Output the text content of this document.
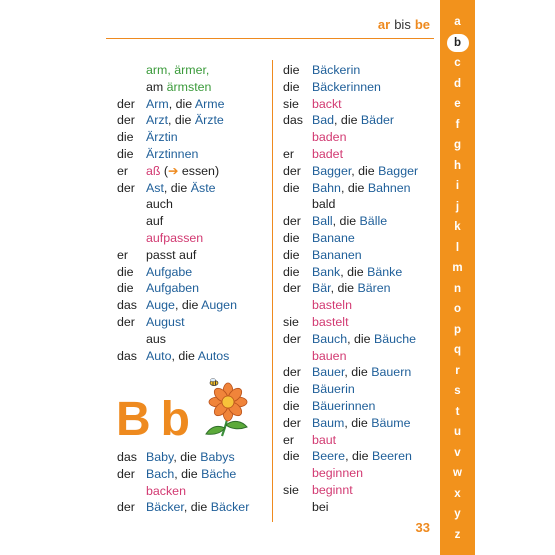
ar bis be
arm, ärmer,
am ärmsten
der Arm, die Arme
der Arzt, die Ärzte
die	Ärztin
die	Ärztinnen
er	aß (➔ essen)
der Ast, die Äste
auch
auf
aufpassen
er	passt auf
die	Aufgabe
die	Aufgaben
das Auge, die Augen
der August
aus
das Auto, die Autos
B b
das Baby, die Babys
der Bach, die Bäche
backen
der Bäcker, die Bäcker
die	Bäckerin
die	Bäckerinnen
sie	backt
das Bad, die Bäder
baden
er	badet
der Bagger, die Bagger
die	Bahn, die Bahnen
bald
der Ball, die Bälle
die	Banane
die	Bananen
die	Bank, die Bänke
der Bär, die Bären
basteln
sie	bastelt
der Bauch, die Bäuche
bauen
der Bauer, die Bauern
die	Bäuerin
die	Bäuerinnen
der Baum, die Bäume
er	baut
die	Beere, die Beeren
beginnen
sie	beginnt
bei
33
a
b
c
d
e
f
g
h
i
j
k
l
m
n
o
p
q
r
s
t
u
v
w
x
y
z
